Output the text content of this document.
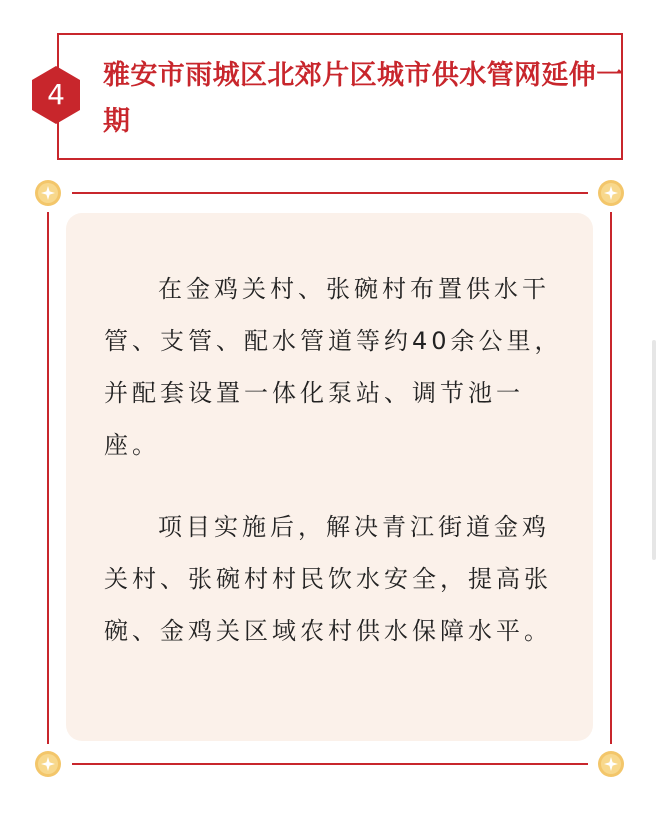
4
雅安市雨城区北郊片区城市供水管网延伸一期

在金鸡关村、张碗村布置供水干管、支管、配水管道等约40余公里，并配套设置一体化泵站、调节池一座。

项目实施后，解决青江街道金鸡关村、张碗村村民饮水安全，提高张碗、金鸡关区域农村供水保障水平。
